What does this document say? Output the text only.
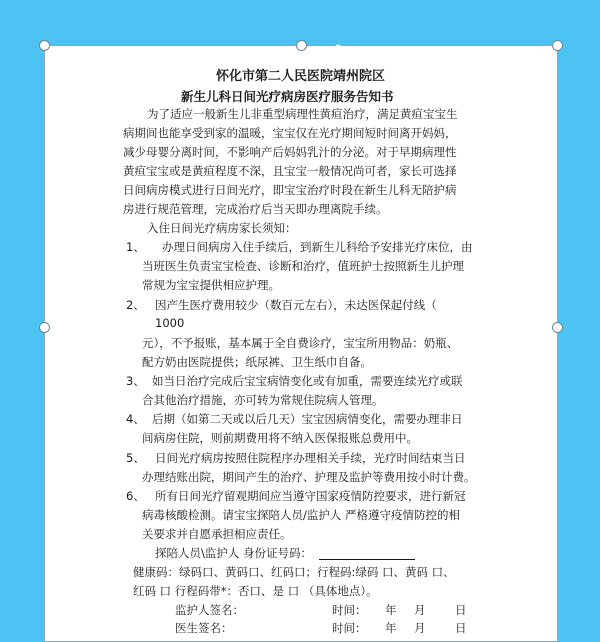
↻
怀化市第二人民医院靖州院区
新生儿科日间光疗病房医疗服务告知书
为了适应一般新生儿非重型病理性黄疸治疗，满足黄疸宝宝生
病期间也能享受到家的温暖，宝宝仅在光疗期间短时间离开妈妈，
减少母婴分离时间，不影响产后妈妈乳汁的分泌。对于早期病理性
黄疸宝宝或是黄疸程度不深，且宝宝一般情况尚可者，家长可选择
日间病房模式进行日间光疗，即宝宝治疗时段在新生儿科无陪护病
房进行规范管理，完成治疗后当天即办理离院手续。
入住日间光疗病房家长须知：
1、 办理日间病房入住手续后，到新生儿科给予安排光疗床位，由
当班医生负责宝宝检查、诊断和治疗，值班护士按照新生儿护理
常规为宝宝提供相应护理。
2、 因产生医疗费用较少（数百元左右），未达医保起付线（
1000
元），不予报账，基本属于全自费诊疗，宝宝所用物品：奶瓶、
配方奶由医院提供；纸尿裤、卫生纸巾自备。
3、 如当日治疗完成后宝宝病情变化或有加重，需要连续光疗或联
合其他治疗措施，亦可转为常规住院病人管理。
4、 后期（如第二天或以后几天）宝宝因病情变化，需要办理非日
间病房住院，则前期费用将不纳入医保报账总费用中。
5、 日间光疗病房按照住院程序办理相关手续，光疗时间结束当日
办理结账出院，期间产生的治疗、护理及监护等费用按小时计费。
6、 所有日间光疗留观期间应当遵守国家疫情防控要求，进行新冠
病毒核酸检测。请宝宝探陪人员/监护人 严格遵守疫情防控的相
关要求并自愿承担相应责任。
探陪人员\监护人 身份证号码：
健康码：绿码口、黄码口、红码口；行程码:绿码 口、黄码 口、
红码 口 行程码带*：否口、是 口 （具体地点）。
监护人签名：	时间： 年 月	日
医生签名：	时间： 年 月	日
